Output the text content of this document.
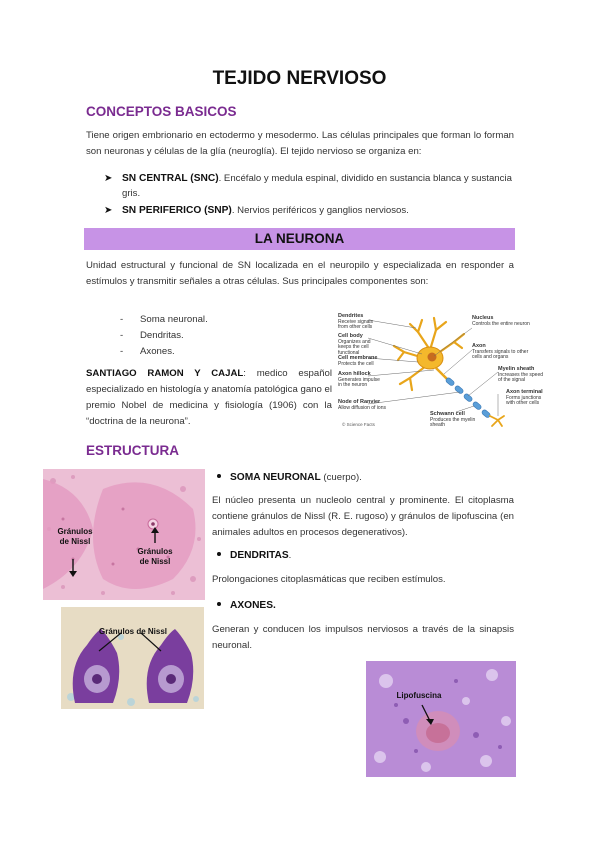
TEJIDO NERVIOSO
CONCEPTOS BASICOS
Tiene origen embrionario en ectodermo y mesodermo. Las células principales que forman lo forman son neuronas y células de la glía (neuroglía). El tejido nervioso se organiza en:
➤ SN CENTRAL (SNC). Encéfalo y medula espinal, dividido en sustancia blanca y sustancia gris.
➤ SN PERIFERICO (SNP). Nervios periféricos y ganglios nerviosos.
LA NEURONA
Unidad estructural y funcional de SN localizada en el neuropilo y especializada en responder a estímulos y transmitir señales a otras células. Sus principales componentes son:
- Soma neuronal.
- Dendritas.
- Axones.
SANTIAGO RAMON Y CAJAL: medico español especializado en histología y anatomía patológica gano el premio Nobel de medicina y fisiología (1906) con la “doctrina de la neurona”.
Dendrites
Receive signals from other cells
Cell body
Organizes and keeps the cell functional
Cell membrane
Protects the cell
Axon hillock
Generates impulse in the neuron
Node of Ranvier
Allow diffusion of ions
Nucleus
Controls the entire neuron
Axon
Transfers signals to other cells and organs
Myelin sheath
Increases the speed of the signal
Axon terminal
Forms junctions with other cells
Schwann cell
Produces the myelin sheath
© Science Facts
ESTRUCTURA
Gránulos de Nissl
Gránulos de Nissl
Gránulos de Nissl
SOMA NEURONAL (cuerpo).
El núcleo presenta un nucleolo central y prominente. El citoplasma contiene gránulos de Nissl (R. E. rugoso) y gránulos de lipofuscina (en animales adultos en procesos degenerativos).
DENDRITAS.
Prolongaciones citoplasmáticas que reciben estímulos.
AXONES.
Generan y conducen los impulsos nerviosos a través de la sinapsis neuronal.
Lipofuscina
